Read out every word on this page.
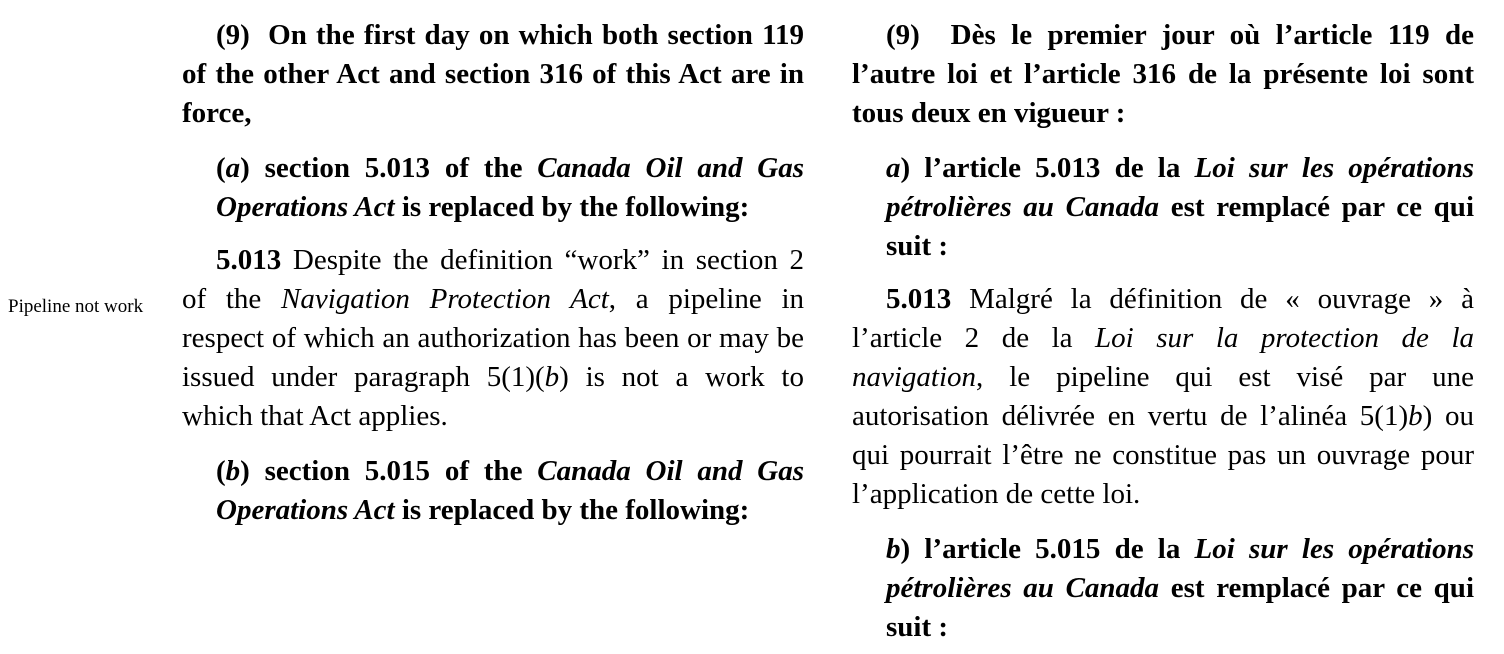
Pipeline not work

(9) On the first day on which both section 119 of the other Act and section 316 of this Act are in force,

(a) section 5.013 of the Canada Oil and Gas Operations Act is replaced by the following:

5.013 Despite the definition “work” in section 2 of the Navigation Protection Act, a pipeline in respect of which an authorization has been or may be issued under paragraph 5(1)(b) is not a work to which that Act applies.

(b) section 5.015 of the Canada Oil and Gas Operations Act is replaced by the following:

(9) Dès le premier jour où l’article 119 de l’autre loi et l’article 316 de la présente loi sont tous deux en vigueur :

a) l’article 5.013 de la Loi sur les opérations pétrolières au Canada est remplacé par ce qui suit :

5.013 Malgré la définition de « ouvrage » à l’article 2 de la Loi sur la protection de la navigation, le pipeline qui est visé par une autorisation délivrée en vertu de l’alinéa 5(1)b) ou qui pourrait l’être ne constitue pas un ouvrage pour l’application de cette loi.

b) l’article 5.015 de la Loi sur les opérations pétrolières au Canada est remplacé par ce qui suit :
